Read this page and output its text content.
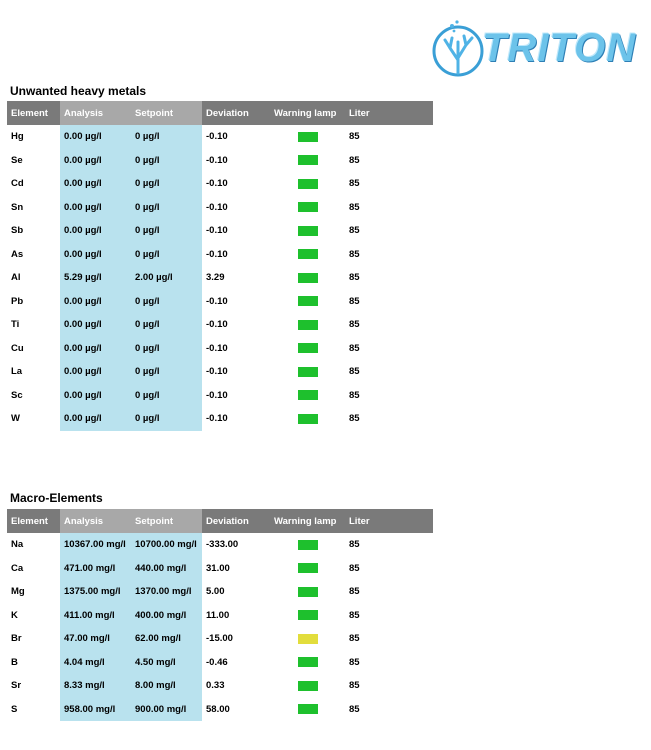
TRITON
Unwanted heavy metals
Element	Analysis	Setpoint	Deviation	Warning lamp	Liter
Hg	0.00 µg/l	0 µg/l	-0.10		85
Se	0.00 µg/l	0 µg/l	-0.10		85
Cd	0.00 µg/l	0 µg/l	-0.10		85
Sn	0.00 µg/l	0 µg/l	-0.10		85
Sb	0.00 µg/l	0 µg/l	-0.10		85
As	0.00 µg/l	0 µg/l	-0.10		85
Al	5.29 µg/l	2.00 µg/l	3.29		85
Pb	0.00 µg/l	0 µg/l	-0.10		85
Ti	0.00 µg/l	0 µg/l	-0.10		85
Cu	0.00 µg/l	0 µg/l	-0.10		85
La	0.00 µg/l	0 µg/l	-0.10		85
Sc	0.00 µg/l	0 µg/l	-0.10		85
W	0.00 µg/l	0 µg/l	-0.10		85
Macro-Elements
Element	Analysis	Setpoint	Deviation	Warning lamp	Liter
Na	10367.00 mg/l	10700.00 mg/l	-333.00		85
Ca	471.00 mg/l	440.00 mg/l	31.00		85
Mg	1375.00 mg/l	1370.00 mg/l	5.00		85
K	411.00 mg/l	400.00 mg/l	11.00		85
Br	47.00 mg/l	62.00 mg/l	-15.00		85
B	4.04 mg/l	4.50 mg/l	-0.46		85
Sr	8.33 mg/l	8.00 mg/l	0.33		85
S	958.00 mg/l	900.00 mg/l	58.00		85
